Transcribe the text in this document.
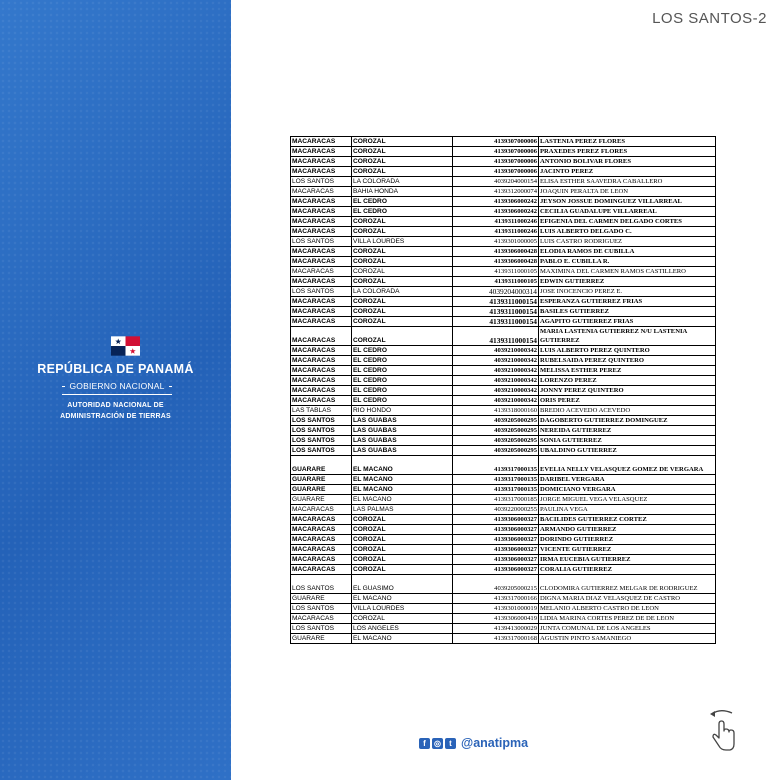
REPÚBLICA DE PANAMÁ
GOBIERNO NACIONAL
AUTORIDAD NACIONAL DE
ADMINISTRACIÓN DE TIERRAS
LOS SANTOS-2
MACARACAS	COROZAL	4139307000006	LASTENIA PEREZ FLORES
MACARACAS	COROZAL	4139307000006	PRAXEDES PEREZ FLORES
MACARACAS	COROZAL	4139307000006	ANTONIO BOLIVAR FLORES
MACARACAS	COROZAL	4139307000006	JACINTO PEREZ
LOS SANTOS	LA COLORADA	4039204000154	ELISA ESTHER SAAVEDRA CABALLERO
MACARACAS	BAHIA HONDA	4139312000074	JOAQUIN PERALTA DE LEON
MACARACAS	EL CEDRO	4139306000242	JEYSON JOSSUE DOMINGUEZ VILLARREAL
MACARACAS	EL CEDRO	4139306000242	CECILIA GUADALUPE VILLARREAL
MACARACAS	COROZAL	4139311000246	EFIGENIA DEL CARMEN DELGADO CORTES
MACARACAS	COROZAL	4139311000246	LUIS ALBERTO DELGADO C.
LOS SANTOS	VILLA LOURDES	4139301000005	LUIS CASTRO RODRIGUEZ
MACARACAS	COROZAL	4139306000428	ELODIA RAMOS DE CUBILLA
MACARACAS	COROZAL	4139306000428	PABLO E. CUBILLA R.
MACARACAS	COROZAL	4139311000105	MAXIMINA DEL CARMEN RAMOS CASTILLERO
MACARACAS	COROZAL	4139311000105	EDWIN GUTIERREZ
LOS SANTOS	LA COLORADA	4039204000314	JOSE INOCENCIO PEREZ E.
MACARACAS	COROZAL	4139311000154	ESPERANZA GUTIERREZ FRIAS
MACARACAS	COROZAL	4139311000154	BASILES GUTIERREZ
MACARACAS	COROZAL	4139311000154	AGAPITO GUTIERREZ FRIAS
MACARACAS	COROZAL	4139311000154	MARIA LASTENIA GUTIERREZ N/U LASTENIA GUTIERREZ
MACARACAS	EL CEDRO	4039210000342	LUIS ALBERTO PEREZ QUINTERO
MACARACAS	EL CEDRO	4039210000342	RUBELSAIDA PEREZ QUINTERO
MACARACAS	EL CEDRO	4039210000342	MELISSA ESTHER PEREZ
MACARACAS	EL CEDRO	4039210000342	LORENZO PEREZ
MACARACAS	EL CEDRO	4039210000342	JONNY PEREZ QUINTERO
MACARACAS	EL CEDRO	4039210000342	ORIS PEREZ
LAS TABLAS	RIO HONDO	4139318000160	BREDIO ACEVEDO ACEVEDO
LOS SANTOS	LAS GUABAS	4039205000295	DAGOBERTO GUTIERREZ DOMINGUEZ
LOS SANTOS	LAS GUABAS	4039205000295	NEREIDA GUTIERREZ
LOS SANTOS	LAS GUABAS	4039205000295	SONIA GUTIERREZ
LOS SANTOS	LAS GUABAS	4039205000295	UBALDINO GUTIERREZ
GUARARE	EL MACANO	4139317000135	EVELIA NELLY VELASQUEZ GOMEZ DE VERGARA
GUARARE	EL MACANO	4139317000135	DARIBEL VERGARA
GUARARE	EL MACANO	4139317000135	DOMICIANO VERGARA
GUARARE	EL MACANO	4139317000185	JORGE MIGUEL VEGA VELASQUEZ
MACARACAS	LAS PALMAS	4039220000255	PAULINA VEGA
MACARACAS	COROZAL	4139306000327	BACILIDES GUTIERREZ CORTEZ
MACARACAS	COROZAL	4139306000327	ARMANDO GUTIERREZ
MACARACAS	COROZAL	4139306000327	DORINDO GUTIERREZ
MACARACAS	COROZAL	4139306000327	VICENTE GUTIERREZ
MACARACAS	COROZAL	4139306000327	IRMA EUCEBIA GUTIERREZ
MACARACAS	COROZAL	4139306000327	CORALIA GUTIERREZ
LOS SANTOS	EL GUASIMO	4039205000215	CLODOMIRA GUTIERREZ MELGAR DE RODRIGUEZ
GUARARE	EL MACANO	4139317000166	DIGNA MARIA DIAZ VELASQUEZ DE CASTRO
LOS SANTOS	VILLA LOURDES	4139301000019	MELANIO ALBERTO CASTRO DE LEON
MACARACAS	COROZAL	4139306000419	LIDIA MARINA CORTES PEREZ DE DE LEON
LOS SANTOS	LOS ANGELES	4139413000029	JUNTA COMUNAL DE LOS ANGELES
GUARARE	EL MACANO	4139317000168	AGUSTIN PINTO SAMANIEGO
f	◎	t @anatipma
